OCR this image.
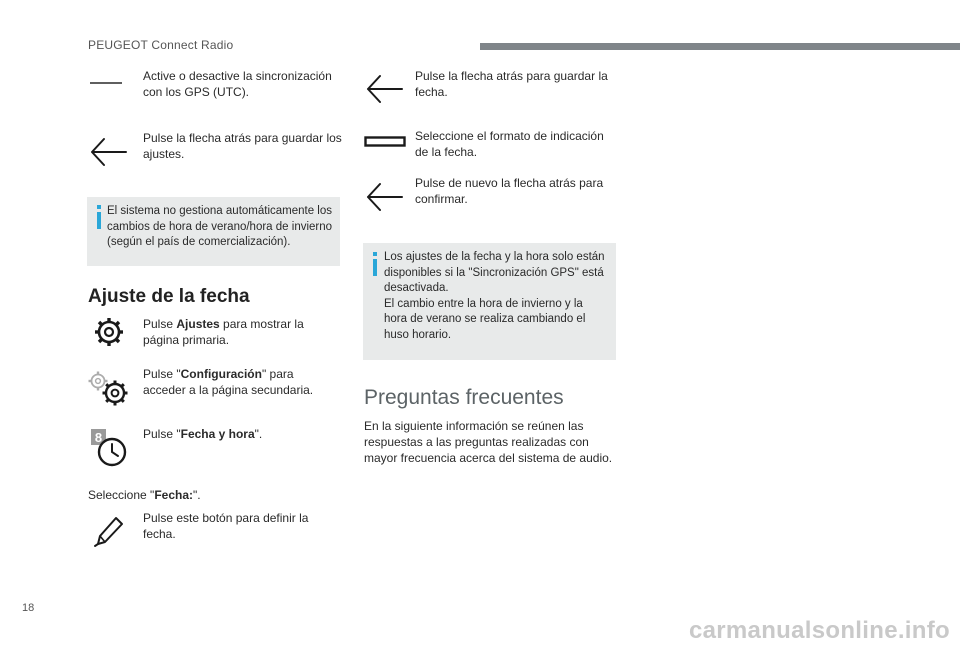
PEUGEOT Connect Radio
Active o desactive la sincronización con los GPS (UTC).
Pulse la flecha atrás para guardar los ajustes.
El sistema no gestiona automáticamente los cambios de hora de verano/hora de invierno (según el país de comercialización).
Ajuste de la fecha
Pulse Ajustes para mostrar la página primaria.
Pulse "Configuración" para acceder a la página secundaria.
8	Pulse "Fecha y hora".
Seleccione "Fecha:".
Pulse este botón para definir la fecha.
Pulse la flecha atrás para guardar la fecha.
Seleccione el formato de indicación de la fecha.
Pulse de nuevo la flecha atrás para confirmar.
Los ajustes de la fecha y la hora solo están disponibles si la "Sincronización GPS" está desactivada.
El cambio entre la hora de invierno y la hora de verano se realiza cambiando el huso horario.
Preguntas frecuentes
En la siguiente información se reúnen las respuestas a las preguntas realizadas con mayor frecuencia acerca del sistema de audio.
18
carmanualsonline.info
